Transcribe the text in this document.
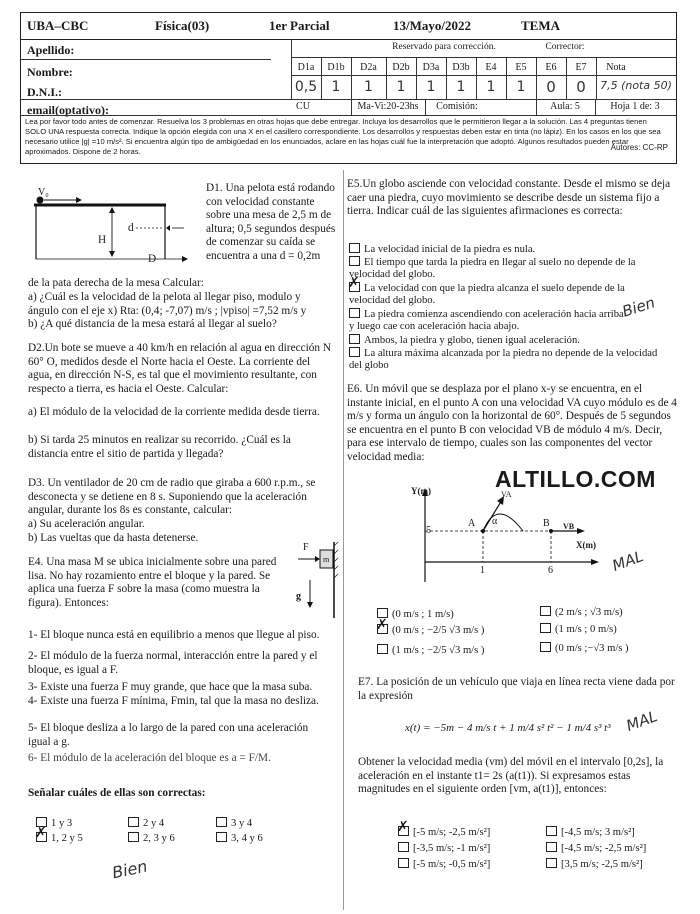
UBA–CBC	Física(03)	1er Parcial	13/Mayo/2022	TEMA
Apellido:
Nombre:
D.N.I.:
email(optativo):
Reservado para corrección.	Corrector:
D1a	D1b	D2a	D2b	D3a	D3b	E4	E5	E6	E7	Nota
0,5	1	1	1	1	1	1	1	0	0	7,5 (nota 50)
CU	Ma-Vi:20-23hs	Comisión:	Aula: 5	Hoja 1 de: 3
Lea por favor todo antes de comenzar. Resuelva los 3 problemas en otras hojas que debe entregar. Incluya los desarrollos que le permitieron llegar a la solución. Las 4 preguntas tienen SOLO UNA respuesta correcta. Indique la opción elegida con una X en el casillero correspondiente. Los desarrollos y respuestas deben estar en tinta (no lápiz). En los casos en los que sea necesario utilice |g| =10 m/s². Si encuentra algún tipo de ambigüedad en los enunciados, aclare en las hojas cuál fue la interpretación que adoptó. Algunos resultados pueden estar aproximados. Dispone de 2 horas.	Autores: CC-RP
V₀
H
d
D
D1. Una pelota está rodando con velocidad constante sobre una mesa de 2,5 m de altura; 0,5 segundos después de comenzar su caída se encuentra a una d = 0,2m
de la pata derecha de la mesa Calcular:
a) ¿Cuál es la velocidad de la pelota al llegar piso, modulo y ángulo con el eje x) Rta: (0,4; -7,07) m/s ; |vpiso| =7,52 m/s y
b) ¿A qué distancia de la mesa estará al llegar al suelo?
D2.Un bote se mueve a 40 km/h en relación al agua en dirección N 60° O, medidos desde el Norte hacia el Oeste. La corriente del agua, en dirección N-S, es tal que el movimiento resultante, con respecto a tierra, es hacia el Oeste. Calcular:
a) El módulo de la velocidad de la corriente medida desde tierra.
b) Si tarda 25 minutos en realizar su recorrido. ¿Cuál es la distancia entre el sitio de partida y llegada?
D3. Un ventilador de 20 cm de radio que giraba a 600 r.p.m., se desconecta y se detiene en 8 s. Suponiendo que la aceleración angular, durante los 8s es constante, calcular:
a) Su aceleración angular.
b) Las vueltas que da hasta detenerse.
E4. Una masa M se ubica inicialmente sobre una pared lisa. No hay rozamiento entre el bloque y la pared. Se aplica una fuerza F sobre la masa (como muestra la figura). Entonces:
F
m
g
1- El bloque nunca está en equilibrio a menos que llegue al piso.
2- El módulo de la fuerza normal, interacción entre la pared y el bloque, es igual a F.
3- Existe una fuerza F muy grande, que hace que la masa suba.
4- Existe una fuerza F mínima, Fmin, tal que la masa no desliza.
5- El bloque desliza a lo largo de la pared con una aceleración igual a g.
6- El módulo de la aceleración del bloque es a = F/M.
Señalar cuáles de ellas son correctas:
1 y 3
✗ 1, 2 y 5
2 y 4
2, 3 y 6
3 y 4
3, 4 y 6
Bien
E5.Un globo asciende con velocidad constante. Desde el mismo se deja caer una piedra, cuyo movimiento se describe desde un sistema fijo a tierra. Indicar cuál de las siguientes afirmaciones es correcta:
La velocidad inicial de la piedra es nula.
El tiempo que tarda la piedra en llegar al suelo no depende de la velocidad del globo.
✗ La velocidad con que la piedra alcanza el suelo depende de la velocidad del globo.
La piedra comienza ascendiendo con aceleración hacia arriba y luego cae con aceleración hacia abajo.
Ambos, la piedra y globo, tienen igual aceleración.
La altura máxima alcanzada por la piedra no depende de la velocidad del globo
Bien
E6. Un móvil que se desplaza por el plano x-y se encuentra, en el instante inicial, en el punto A con una velocidad VA cuyo módulo es de 4 m/s y forma un ángulo con la horizontal de 60°. Después de 5 segundos se encuentra en el punto B con velocidad VB de módulo 4 m/s. Decir, para ese intervalo de tiempo, cuales son las componentes del vector velocidad media:
Y(m)
X(m)
A	B
VA
VB
α
5
1	6
ALTILLO.COM
MAL
(0 m/s ; 1 m/s)
✗ (0 m/s ; −2/5 √3 m/s )
(1 m/s ; −2/5 √3 m/s )
(2 m/s ; √3 m/s)
(1 m/s ; 0 m/s)
(0 m/s ;−√3 m/s )
E7. La posición de un vehículo que viaja en línea recta viene dada por la expresión
x(t) = −5m − 4 m/s t + 1 m/4 s² t² − 1 m/4 s³ t³ MAL
Obtener la velocidad media (vm) del móvil en el intervalo [0,2s], la aceleración en el instante t1= 2s (a(t1)). Si expresamos estas magnitudes en el siguiente orden [vm, a(t1)], entonces:
✗ [-5 m/s; -2,5 m/s²]
[-3,5 m/s; -1 m/s²]
[-5 m/s; -0,5 m/s²]
[-4,5 m/s; 3 m/s²]
[-4,5 m/s; -2,5 m/s²]
[3,5 m/s; -2,5 m/s²]
